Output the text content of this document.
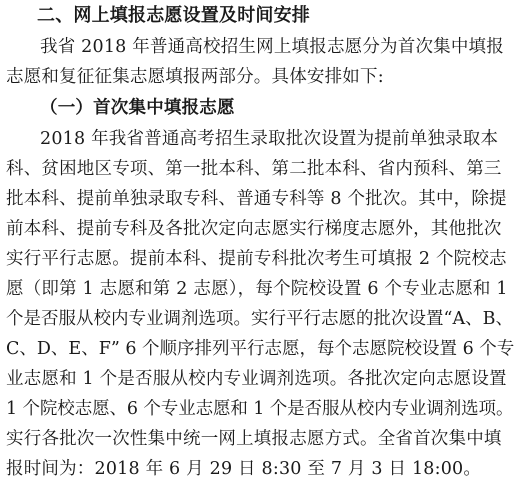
二、网上填报志愿设置及时间安排
我省 2018 年普通高校招生网上填报志愿分为首次集中填报
志愿和复征征集志愿填报两部分。具体安排如下:
（一）首次集中填报志愿
2018 年我省普通高考招生录取批次设置为提前单独录取本
科、贫困地区专项、第一批本科、第二批本科、省内预科、第三
批本科、提前单独录取专科、普通专科等 8 个批次。其中，除提
前本科、提前专科及各批次定向志愿实行梯度志愿外，其他批次
实行平行志愿。提前本科、提前专科批次考生可填报 2 个院校志
愿（即第 1 志愿和第 2 志愿），每个院校设置 6 个专业志愿和 1
个是否服从校内专业调剂选项。实行平行志愿的批次设置“A、B、
C、D、E、F” 6 个顺序排列平行志愿，每个志愿院校设置 6 个专
业志愿和 1 个是否服从校内专业调剂选项。各批次定向志愿设置
1 个院校志愿、6 个专业志愿和 1 个是否服从校内专业调剂选项。
实行各批次一次性集中统一网上填报志愿方式。全省首次集中填
报时间为：2018 年 6 月 29 日 8:30 至 7 月 3 日 18:00。
